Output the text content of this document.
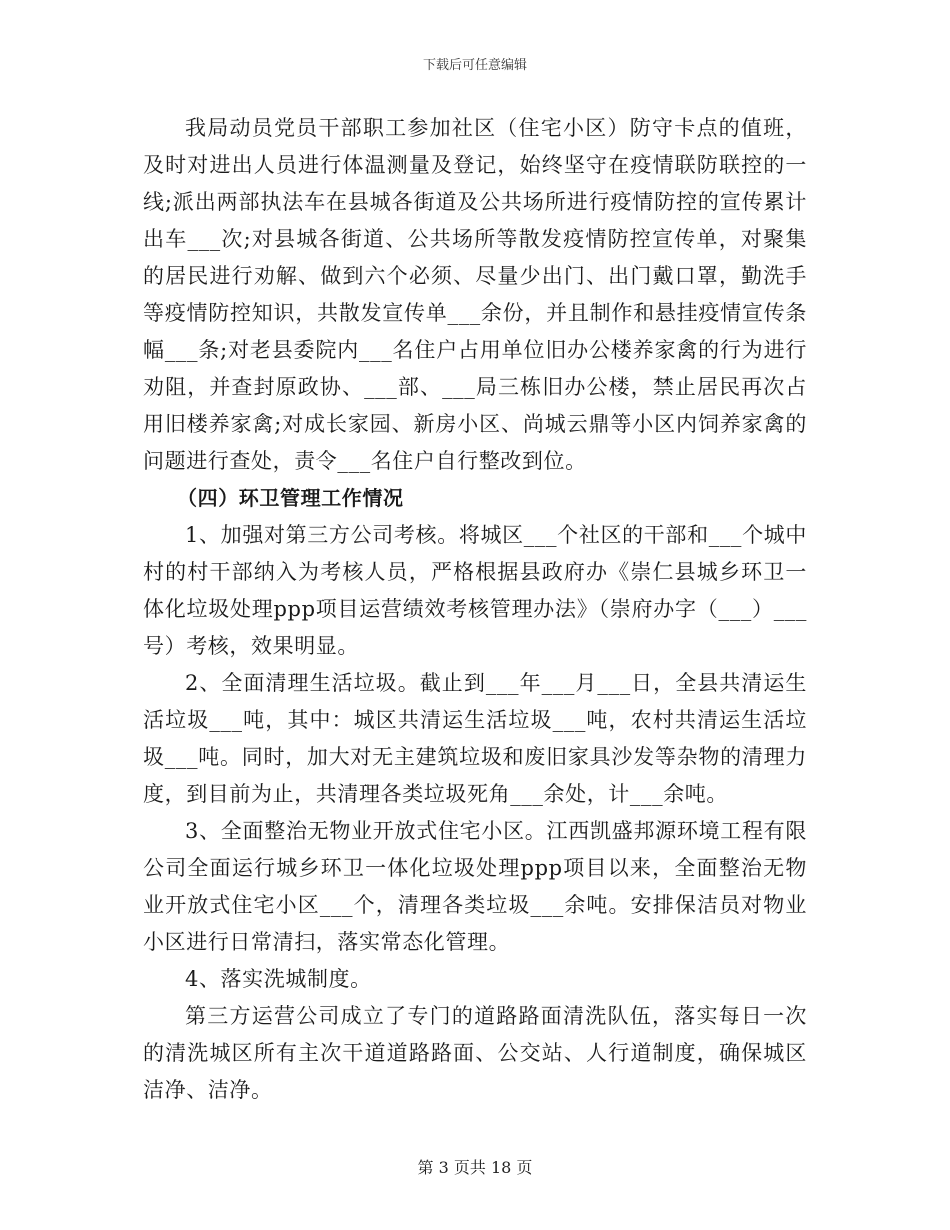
下载后可任意编辑

我局动员党员干部职工参加社区（住宅小区）防守卡点的值班，及时对进出人员进行体温测量及登记，始终坚守在疫情联防联控的一线;派出两部执法车在县城各街道及公共场所进行疫情防控的宣传累计出车___次;对县城各街道、公共场所等散发疫情防控宣传单，对聚集的居民进行劝解、做到六个必须、尽量少出门、出门戴口罩，勤洗手等疫情防控知识，共散发宣传单___余份，并且制作和悬挂疫情宣传条幅___条;对老县委院内___名住户占用单位旧办公楼养家禽的行为进行劝阻，并查封原政协、___部、___局三栋旧办公楼，禁止居民再次占用旧楼养家禽;对成长家园、新房小区、尚城云鼎等小区内饲养家禽的问题进行查处，责令___名住户自行整改到位。

（四）环卫管理工作情况

1、加强对第三方公司考核。将城区___个社区的干部和___个城中村的村干部纳入为考核人员，严格根据县政府办《崇仁县城乡环卫一体化垃圾处理ppp项目运营绩效考核管理办法》（崇府办字（___）___号）考核，效果明显。

2、全面清理生活垃圾。截止到___年___月___日，全县共清运生活垃圾___吨，其中：城区共清运生活垃圾___吨，农村共清运生活垃圾___吨。同时，加大对无主建筑垃圾和废旧家具沙发等杂物的清理力度，到目前为止，共清理各类垃圾死角___余处，计___余吨。

3、全面整治无物业开放式住宅小区。江西凯盛邦源环境工程有限公司全面运行城乡环卫一体化垃圾处理ppp项目以来，全面整治无物业开放式住宅小区___个，清理各类垃圾___余吨。安排保洁员对物业小区进行日常清扫，落实常态化管理。

4、落实洗城制度。

第三方运营公司成立了专门的道路路面清洗队伍，落实每日一次的清洗城区所有主次干道道路路面、公交站、人行道制度，确保城区洁净、洁净。

第 3 页共 18 页
